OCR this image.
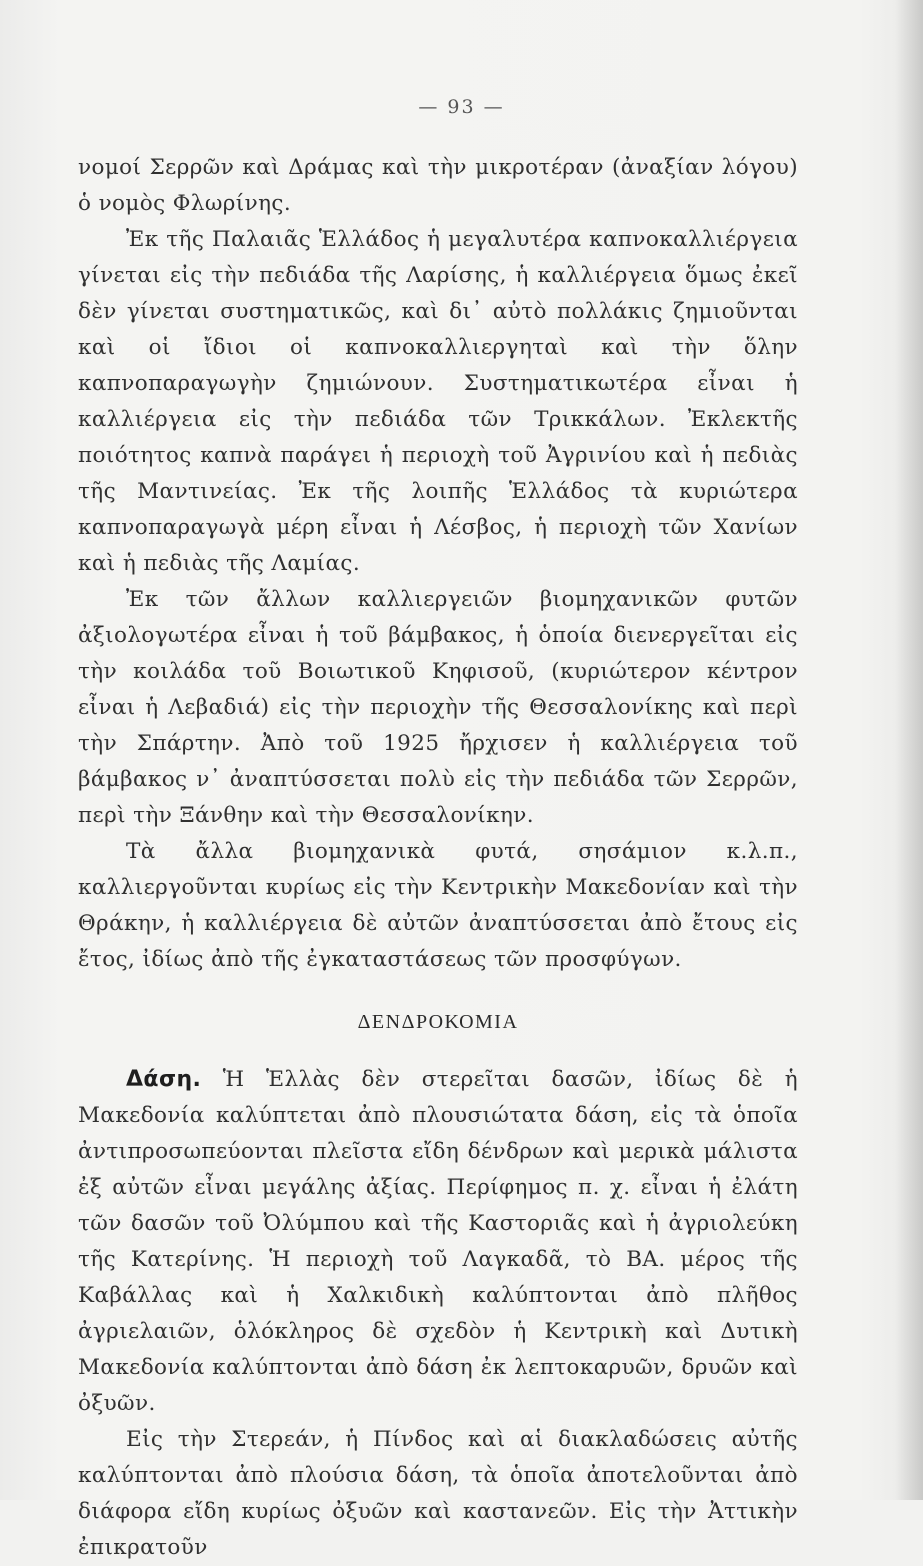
— 93 —

νομοί Σερρῶν καὶ Δράμας καὶ τὴν μικροτέραν (ἀναξίαν λόγου) ὁ νομὸς Φλωρίνης.

Ἐκ τῆς Παλαιᾶς Ἑλλάδος ἡ μεγαλυτέρα καπνοκαλλιέργεια γίνεται εἰς τὴν πεδιάδα τῆς Λαρίσης, ἡ καλλιέργεια ὅμως ἐκεῖ δὲν γίνεται συστηματικῶς, καὶ δι᾽ αὐτὸ πολλάκις ζημιοῦνται καὶ οἱ ἴδιοι οἱ καπνοκαλλιεργηταὶ καὶ τὴν ὅλην καπνοπαραγωγὴν ζημιώνουν. Συστηματικωτέρα εἶναι ἡ καλλιέργεια εἰς τὴν πεδιάδα τῶν Τρικκάλων. Ἐκλεκτῆς ποιότητος καπνὰ παράγει ἡ περιοχὴ τοῦ Ἀγρινίου καὶ ἡ πεδιὰς τῆς Μαντινείας. Ἐκ τῆς λοιπῆς Ἑλλάδος τὰ κυριώτερα καπνοπαραγωγὰ μέρη εἶναι ἡ Λέσβος, ἡ περιοχὴ τῶν Χανίων καὶ ἡ πεδιὰς τῆς Λαμίας.

Ἐκ τῶν ἄλλων καλλιεργειῶν βιομηχανικῶν φυτῶν ἀξιολογωτέρα εἶναι ἡ τοῦ βάμβακος, ἡ ὁποία διενεργεῖται εἰς τὴν κοιλάδα τοῦ Βοιωτικοῦ Κηφισοῦ, (κυριώτερον κέντρον εἶναι ἡ Λεβαδιά) εἰς τὴν περιοχὴν τῆς Θεσσαλονίκης καὶ περὶ τὴν Σπάρτην. Ἀπὸ τοῦ 1925 ἤρχισεν ἡ καλλιέργεια τοῦ βάμβακος ν᾽ ἀναπτύσσεται πολὺ εἰς τὴν πεδιάδα τῶν Σερρῶν, περὶ τὴν Ξάνθην καὶ τὴν Θεσσαλονίκην.

Τὰ ἄλλα βιομηχανικὰ φυτά, σησάμιον κ.λ.π., καλλιεργοῦνται κυρίως εἰς τὴν Κεντρικὴν Μακεδονίαν καὶ τὴν Θράκην, ἡ καλλιέργεια δὲ αὐτῶν ἀναπτύσσεται ἀπὸ ἔτους εἰς ἔτος, ἰδίως ἀπὸ τῆς ἐγκαταστάσεως τῶν προσφύγων.

ΔΕΝΔΡΟΚΟΜΙΑ

Δάση. Ἡ Ἑλλὰς δὲν στερεῖται δασῶν, ἰδίως δὲ ἡ Μακεδονία καλύπτεται ἀπὸ πλουσιώτατα δάση, εἰς τὰ ὁποῖα ἀντιπροσωπεύονται πλεῖστα εἴδη δένδρων καὶ μερικὰ μάλιστα ἐξ αὐτῶν εἶναι μεγάλης ἀξίας. Περίφημος π. χ. εἶναι ἡ ἐλάτη τῶν δασῶν τοῦ Ὀλύμπου καὶ τῆς Καστοριᾶς καὶ ἡ ἀγριολεύκη τῆς Κατερίνης. Ἡ περιοχὴ τοῦ Λαγκαδᾶ, τὸ ΒΑ. μέρος τῆς Καβάλλας καὶ ἡ Χαλκιδικὴ καλύπτονται ἀπὸ πλῆθος ἀγριελαιῶν, ὁλόκληρος δὲ σχεδὸν ἡ Κεντρικὴ καὶ Δυτικὴ Μακεδονία καλύπτονται ἀπὸ δάση ἐκ λεπτοκαρυῶν, δρυῶν καὶ ὀξυῶν.

Εἰς τὴν Στερεάν, ἡ Πίνδος καὶ αἱ διακλαδώσεις αὐτῆς καλύπτονται ἀπὸ πλούσια δάση, τὰ ὁποῖα ἀποτελοῦνται ἀπὸ διάφορα εἴδη κυρίως ὀξυῶν καὶ καστανεῶν. Εἰς τὴν Ἀττικὴν ἐπικρατοῦν
